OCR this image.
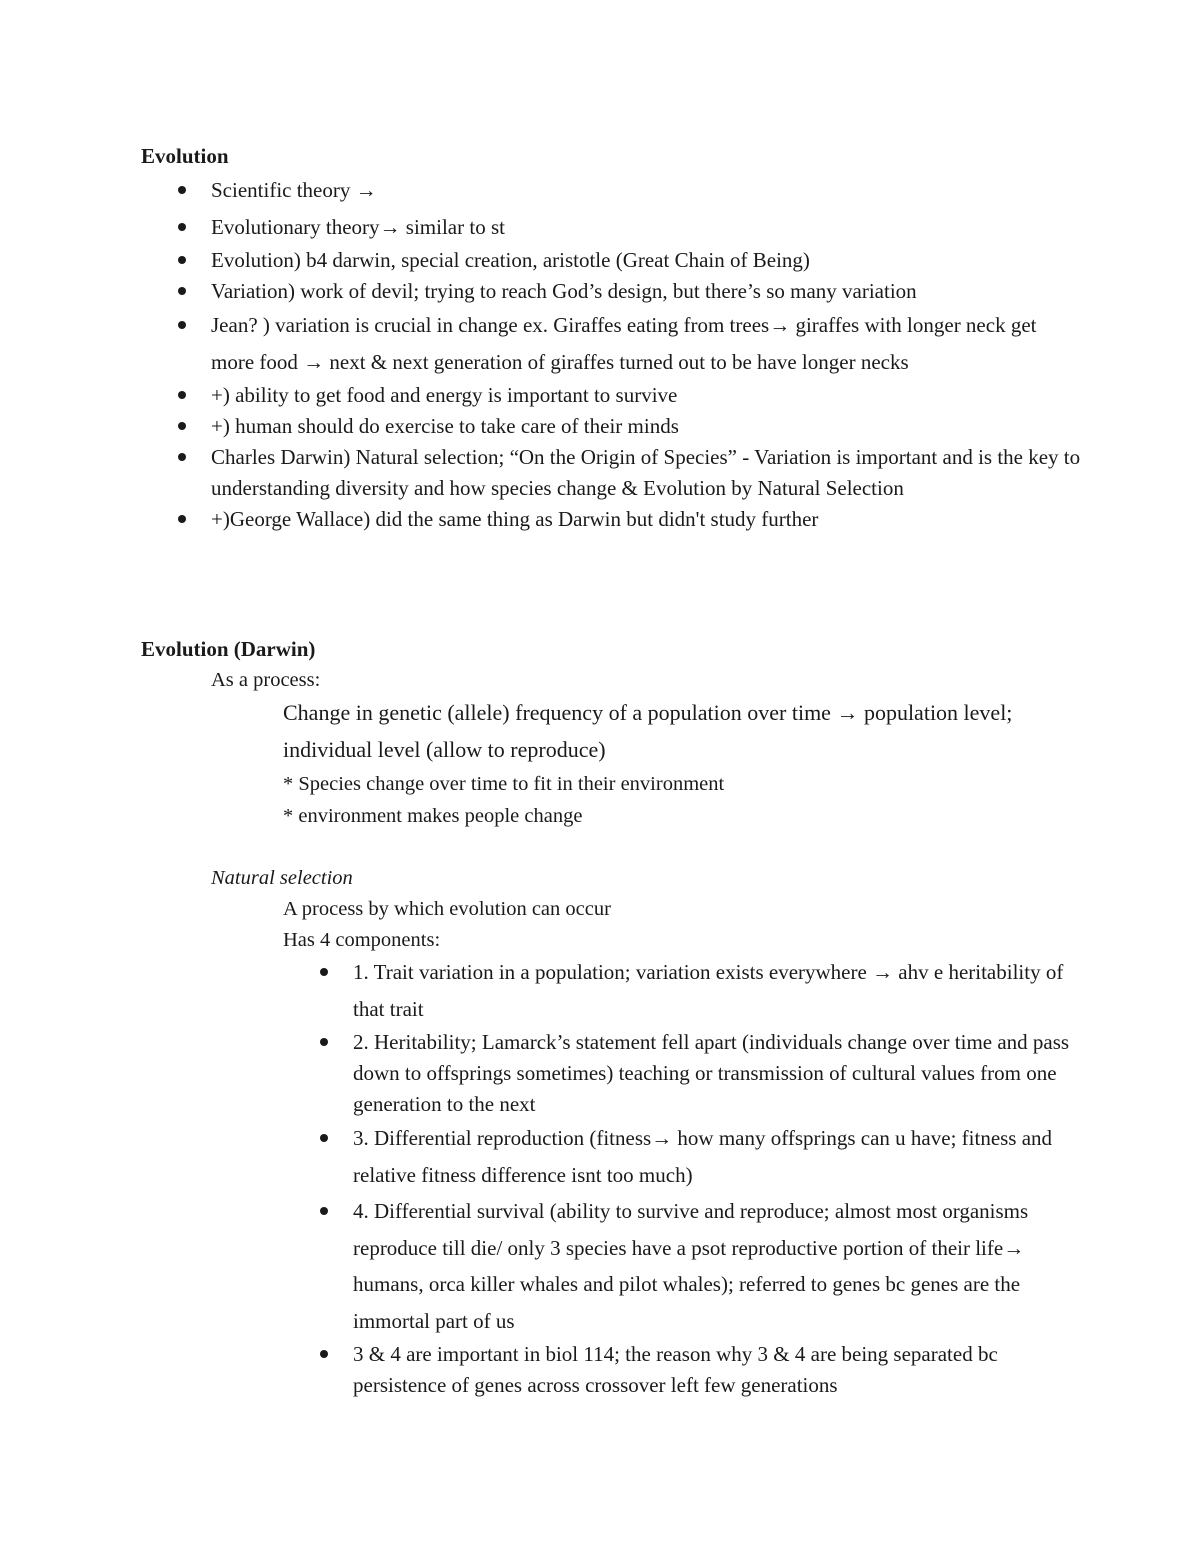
Evolution

Scientific theory →
Evolutionary theory→ similar to st
Evolution) b4 darwin, special creation, aristotle (Great Chain of Being)
Variation) work of devil; trying to reach God’s design, but there’s so many variation
Jean? ) variation is crucial in change ex. Giraffes eating from trees→ giraffes with longer neck get more food → next & next generation of giraffes turned out to be have longer necks
+) ability to get food and energy is important to survive
+) human should do exercise to take care of their minds
Charles Darwin) Natural selection; “On the Origin of Species” - Variation is important and is the key to understanding diversity and how species change & Evolution by Natural Selection
+)George Wallace) did the same thing as Darwin but didn't study further

Evolution (Darwin)

As a process:

Change in genetic (allele) frequency of a population over time → population level; individual level (allow to reproduce)

* Species change over time to fit in their environment

* environment makes people change

Natural selection

A process by which evolution can occur

Has 4 components:

1. Trait variation in a population; variation exists everywhere → ahv e heritability of that trait
2. Heritability; Lamarck’s statement fell apart (individuals change over time and pass down to offsprings sometimes) teaching or transmission of cultural values from one generation to the next
3. Differential reproduction (fitness→ how many offsprings can u have; fitness and relative fitness difference isnt too much)
4. Differential survival (ability to survive and reproduce; almost most organisms reproduce till die/ only 3 species have a psot reproductive portion of their life→ humans, orca killer whales and pilot whales); referred to genes bc genes are the immortal part of us
3 & 4 are important in biol 114; the reason why 3 & 4 are being separated bc persistence of genes across crossover left few generations
